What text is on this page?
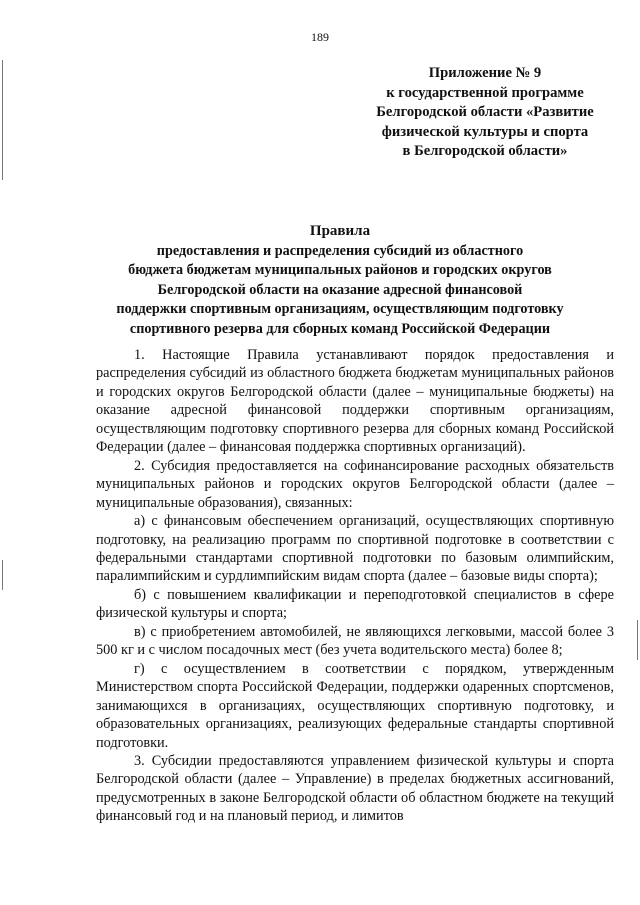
189
Приложение № 9
к государственной программе
Белгородской области «Развитие
физической культуры и спорта
в Белгородской области»
Правила
предоставления и распределения субсидий из областного
бюджета бюджетам муниципальных районов и городских округов
Белгородской области на оказание адресной финансовой
поддержки спортивным организациям, осуществляющим подготовку
спортивного резерва для сборных команд Российской Федерации

1. Настоящие Правила устанавливают порядок предоставления и распределения субсидий из областного бюджета бюджетам муниципальных районов и городских округов Белгородской области (далее – муниципальные бюджеты) на оказание адресной финансовой поддержки спортивным организациям, осуществляющим подготовку спортивного резерва для сборных команд Российской Федерации (далее – финансовая поддержка спортивных организаций).

2. Субсидия предоставляется на софинансирование расходных обязательств муниципальных районов и городских округов Белгородской области (далее – муниципальные образования), связанных:

а) с финансовым обеспечением организаций, осуществляющих спортивную подготовку, на реализацию программ по спортивной подготовке в соответствии с федеральными стандартами спортивной подготовки по базовым олимпийским, паралимпийским и сурдлимпийским видам спорта (далее – базовые виды спорта);

б) с повышением квалификации и переподготовкой специалистов в сфере физической культуры и спорта;

в) с приобретением автомобилей, не являющихся легковыми, массой более 3 500 кг и с числом посадочных мест (без учета водительского места) более 8;

г) с осуществлением в соответствии с порядком, утвержденным Министерством спорта Российской Федерации, поддержки одаренных спортсменов, занимающихся в организациях, осуществляющих спортивную подготовку, и образовательных организациях, реализующих федеральные стандарты спортивной подготовки.

3. Субсидии предоставляются управлением физической культуры и спорта Белгородской области (далее – Управление) в пределах бюджетных ассигнований, предусмотренных в законе Белгородской области об областном бюджете на текущий финансовый год и на плановый период, и лимитов
